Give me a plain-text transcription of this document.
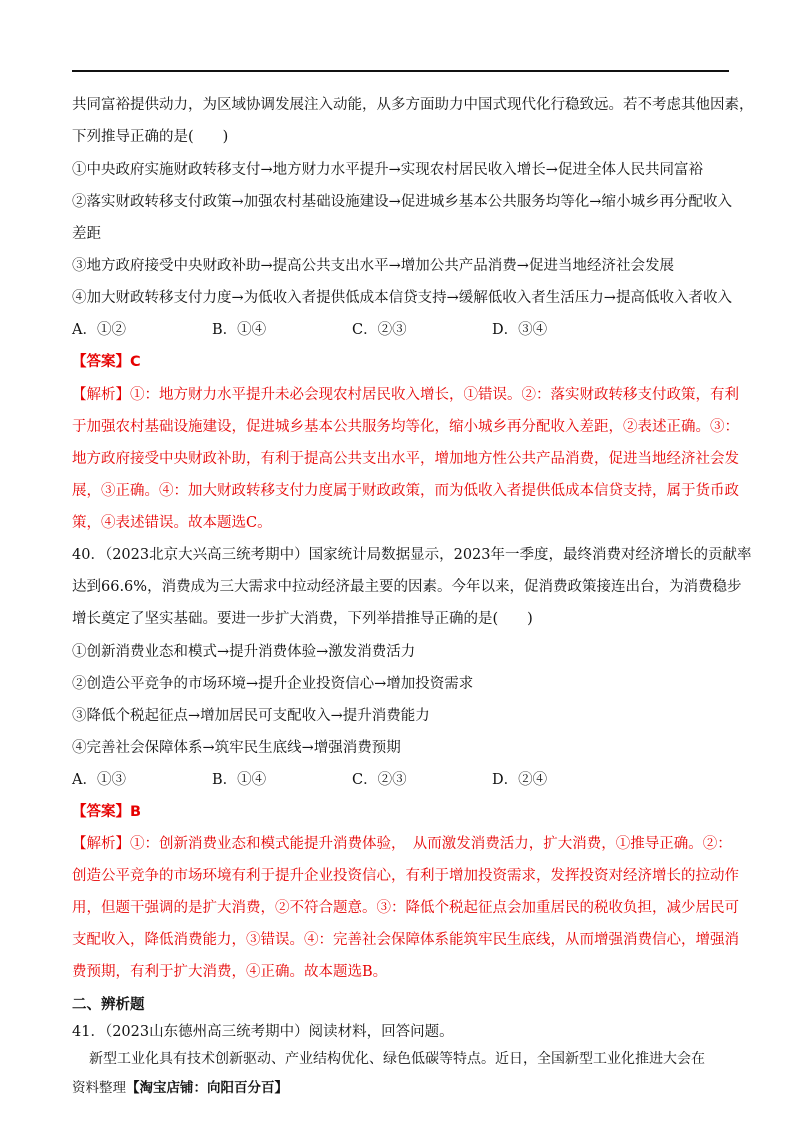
共同富裕提供动力，为区域协调发展注入动能，从多方面助力中国式现代化行稳致远。若不考虑其他因素，
下列推导正确的是(　　)
①中央政府实施财政转移支付→地方财力水平提升→实现农村居民收入增长→促进全体人民共同富裕
②落实财政转移支付政策→加强农村基础设施建设→促进城乡基本公共服务均等化→缩小城乡再分配收入
差距
③地方政府接受中央财政补助→提高公共支出水平→增加公共产品消费→促进当地经济社会发展
④加大财政转移支付力度→为低收入者提供低成本信贷支持→缓解低收入者生活压力→提高低收入者收入
A．①②	B．①④	C．②③	D．③④
【答案】C
【解析】①：地方财力水平提升未必会现农村居民收入增长，①错误。②：落实财政转移支付政策，有利
于加强农村基础设施建设，促进城乡基本公共服务均等化，缩小城乡再分配收入差距，②表述正确。③：
地方政府接受中央财政补助，有利于提高公共支出水平，增加地方性公共产品消费，促进当地经济社会发
展，③正确。④：加大财政转移支付力度属于财政政策，而为低收入者提供低成本信贷支持，属于货币政
策，④表述错误。故本题选C。
40．（2023北京大兴高三统考期中）国家统计局数据显示，2023年一季度，最终消费对经济增长的贡献率
达到66.6%，消费成为三大需求中拉动经济最主要的因素。今年以来，促消费政策接连出台，为消费稳步
增长奠定了坚实基础。要进一步扩大消费，下列举措推导正确的是(　　)
①创新消费业态和模式→提升消费体验→激发消费活力
②创造公平竞争的市场环境→提升企业投资信心→增加投资需求
③降低个税起征点→增加居民可支配收入→提升消费能力
④完善社会保障体系→筑牢民生底线→增强消费预期
A．①③	B．①④	C．②③	D．②④
【答案】B
【解析】①：创新消费业态和模式能提升消费体验，　从而激发消费活力，扩大消费，①推导正确。②：
创造公平竞争的市场环境有利于提升企业投资信心，有利于增加投资需求，发挥投资对经济增长的拉动作
用，但题干强调的是扩大消费，②不符合题意。③：降低个税起征点会加重居民的税收负担，减少居民可
支配收入，降低消费能力，③错误。④：完善社会保障体系能筑牢民生底线，从而增强消费信心，增强消
费预期，有利于扩大消费，④正确。故本题选B。
二、辨析题
41．（2023山东德州高三统考期中）阅读材料，回答问题。
新型工业化具有技术创新驱动、产业结构优化、绿色低碳等特点。近日，全国新型工业化推进大会在
资料整理【淘宝店铺：向阳百分百】
